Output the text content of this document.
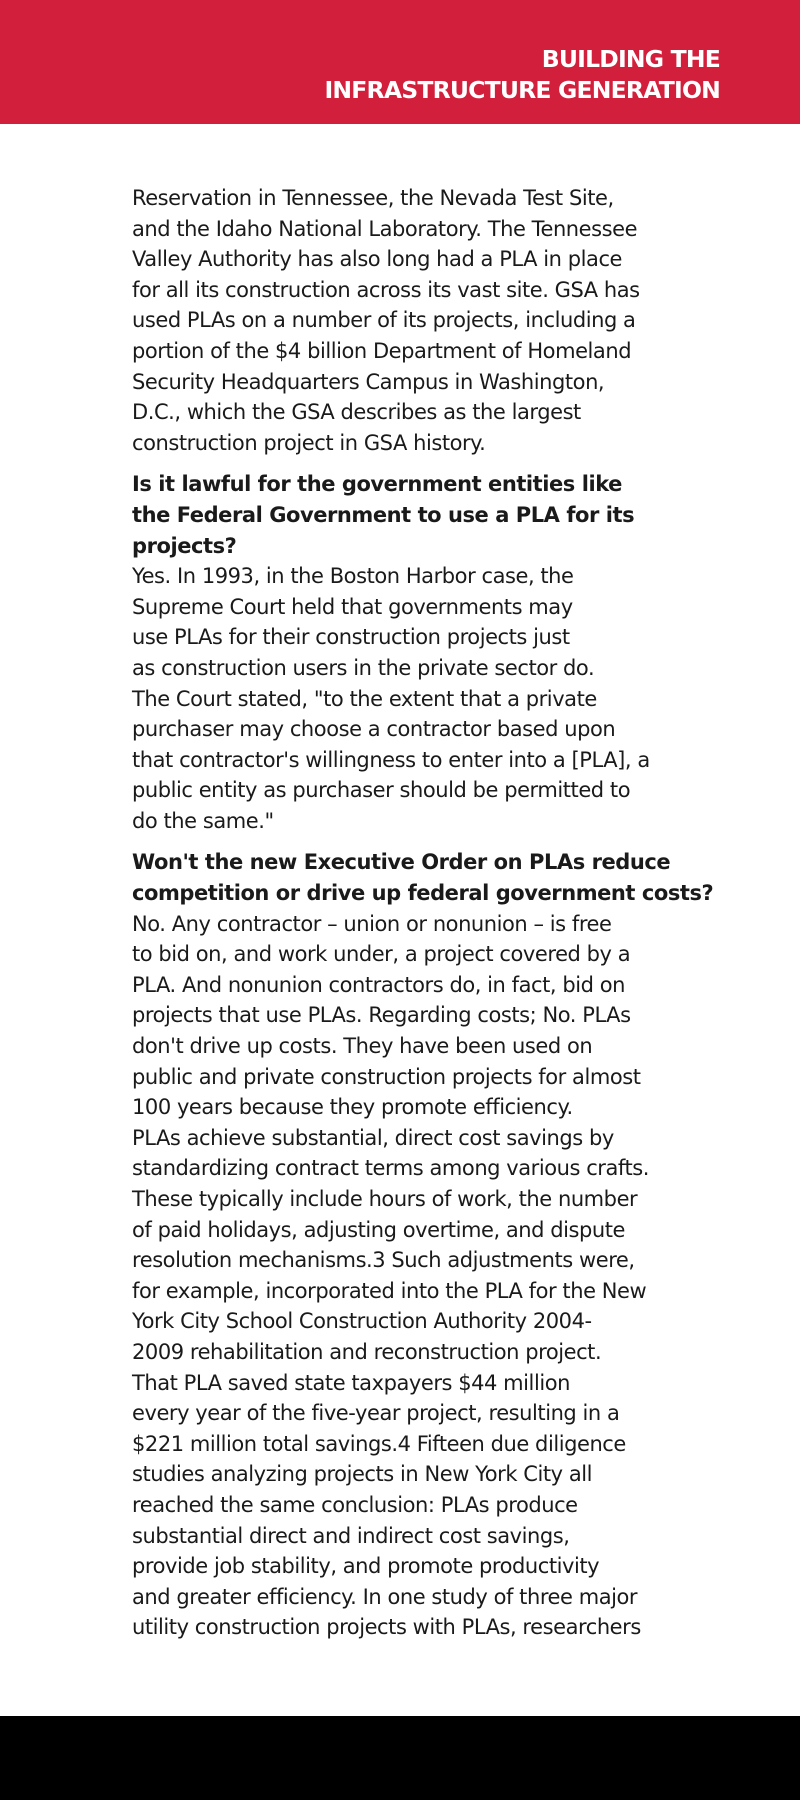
BUILDING THE
INFRASTRUCTURE GENERATION

Reservation in Tennessee, the Nevada Test Site,
and the Idaho National Laboratory. The Tennessee
Valley Authority has also long had a PLA in place
for all its construction across its vast site. GSA has
used PLAs on a number of its projects, including a
portion of the $4 billion Department of Homeland
Security Headquarters Campus in Washington,
D.C., which the GSA describes as the largest
construction project in GSA history.

Is it lawful for the government entities like
the Federal Government to use a PLA for its
projects?

Yes. In 1993, in the Boston Harbor case, the
Supreme Court held that governments may
use PLAs for their construction projects just
as construction users in the private sector do.
The Court stated, "to the extent that a private
purchaser may choose a contractor based upon
that contractor's willingness to enter into a [PLA], a
public entity as purchaser should be permitted to
do the same."

Won't the new Executive Order on PLAs reduce
competition or drive up federal government costs?

No. Any contractor – union or nonunion – is free
to bid on, and work under, a project covered by a
PLA. And nonunion contractors do, in fact, bid on
projects that use PLAs. Regarding costs; No. PLAs
don't drive up costs. They have been used on
public and private construction projects for almost
100 years because they promote efficiency.
PLAs achieve substantial, direct cost savings by
standardizing contract terms among various crafts.
These typically include hours of work, the number
of paid holidays, adjusting overtime, and dispute
resolution mechanisms.3 Such adjustments were,
for example, incorporated into the PLA for the New
York City School Construction Authority 2004-
2009 rehabilitation and reconstruction project.
That PLA saved state taxpayers $44 million
every year of the five-year project, resulting in a
$221 million total savings.4 Fifteen due diligence
studies analyzing projects in New York City all
reached the same conclusion: PLAs produce
substantial direct and indirect cost savings,
provide job stability, and promote productivity
and greater efficiency. In one study of three major
utility construction projects with PLAs, researchers
